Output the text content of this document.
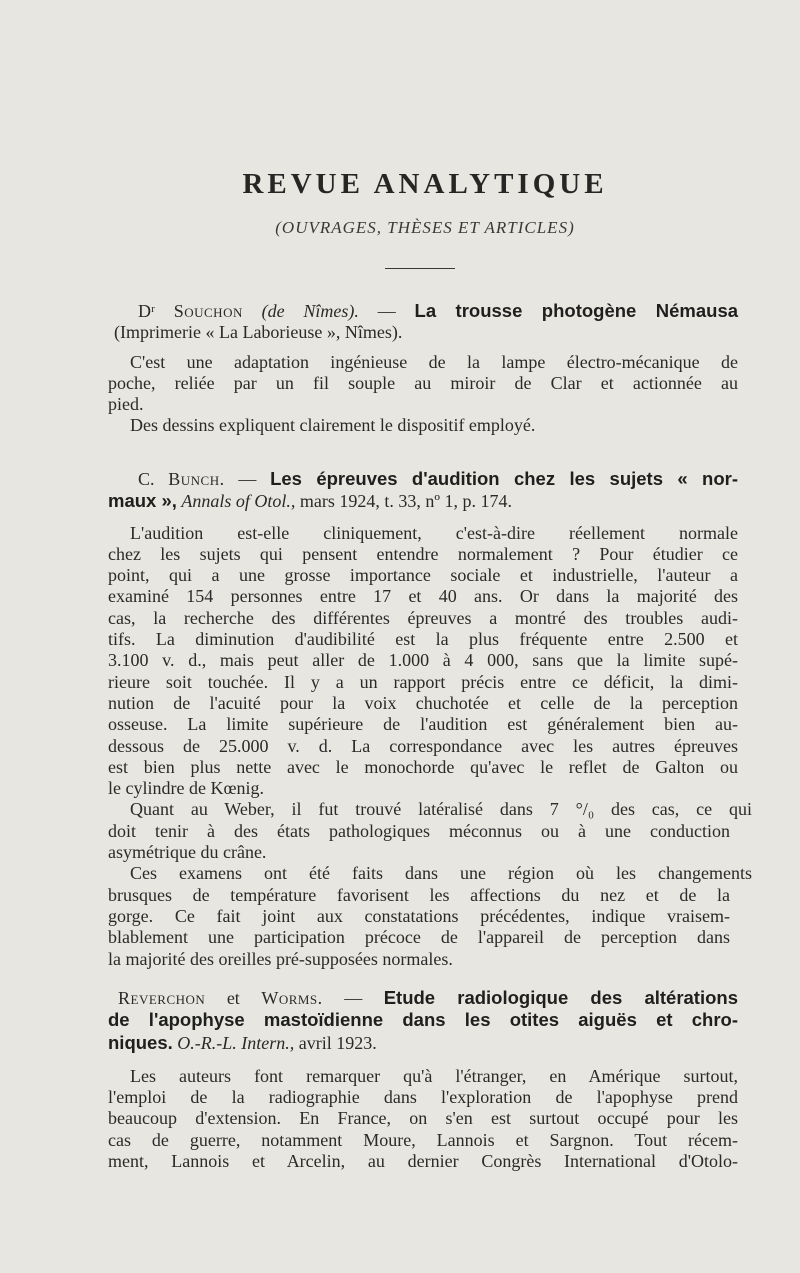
REVUE ANALYTIQUE
(OUVRAGES, THÈSES ET ARTICLES)
Dʳ Souchon (de Nîmes). — La trousse photogène Némausa
(Imprimerie « La Laborieuse », Nîmes).
C'est une adaptation ingénieuse de la lampe électro-mécanique de
poche, reliée par un fil souple au miroir de Clar et actionnée au
pied.
Des dessins expliquent clairement le dispositif employé.
C. Bunch. — Les épreuves d'audition chez les sujets « nor-
maux », Annals of Otol., mars 1924, t. 33, nº 1, p. 174.
L'audition est-elle cliniquement, c'est-à-dire réellement normale
chez les sujets qui pensent entendre normalement ? Pour étudier ce
point, qui a une grosse importance sociale et industrielle, l'auteur a
examiné 154 personnes entre 17 et 40 ans. Or dans la majorité des
cas, la recherche des différentes épreuves a montré des troubles audi-
tifs. La diminution d'audibilité est la plus fréquente entre 2.500 et
3.100 v. d., mais peut aller de 1.000 à 4 000, sans que la limite supé-
rieure soit touchée. Il y a un rapport précis entre ce déficit, la dimi-
nution de l'acuité pour la voix chuchotée et celle de la perception
osseuse. La limite supérieure de l'audition est généralement bien au-
dessous de 25.000 v. d. La correspondance avec les autres épreuves
est bien plus nette avec le monochorde qu'avec le reflet de Galton ou
le cylindre de Kœnig.
Quant au Weber, il fut trouvé latéralisé dans 7 °/₀ des cas, ce qui
doit tenir à des états pathologiques méconnus ou à une conduction
asymétrique du crâne.
Ces examens ont été faits dans une région où les changements
brusques de température favorisent les affections du nez et de la
gorge. Ce fait joint aux constatations précédentes, indique vraisem-
blablement une participation précoce de l'appareil de perception dans
la majorité des oreilles pré-supposées normales.
Reverchon et Worms. — Etude radiologique des altérations
de l'apophyse mastoïdienne dans les otites aiguës et chro-
niques. O.-R.-L. Intern., avril 1923.
Les auteurs font remarquer qu'à l'étranger, en Amérique surtout,
l'emploi de la radiographie dans l'exploration de l'apophyse prend
beaucoup d'extension. En France, on s'en est surtout occupé pour les
cas de guerre, notamment Moure, Lannois et Sargnon. Tout récem-
ment, Lannois et Arcelin, au dernier Congrès International d'Otolo-
